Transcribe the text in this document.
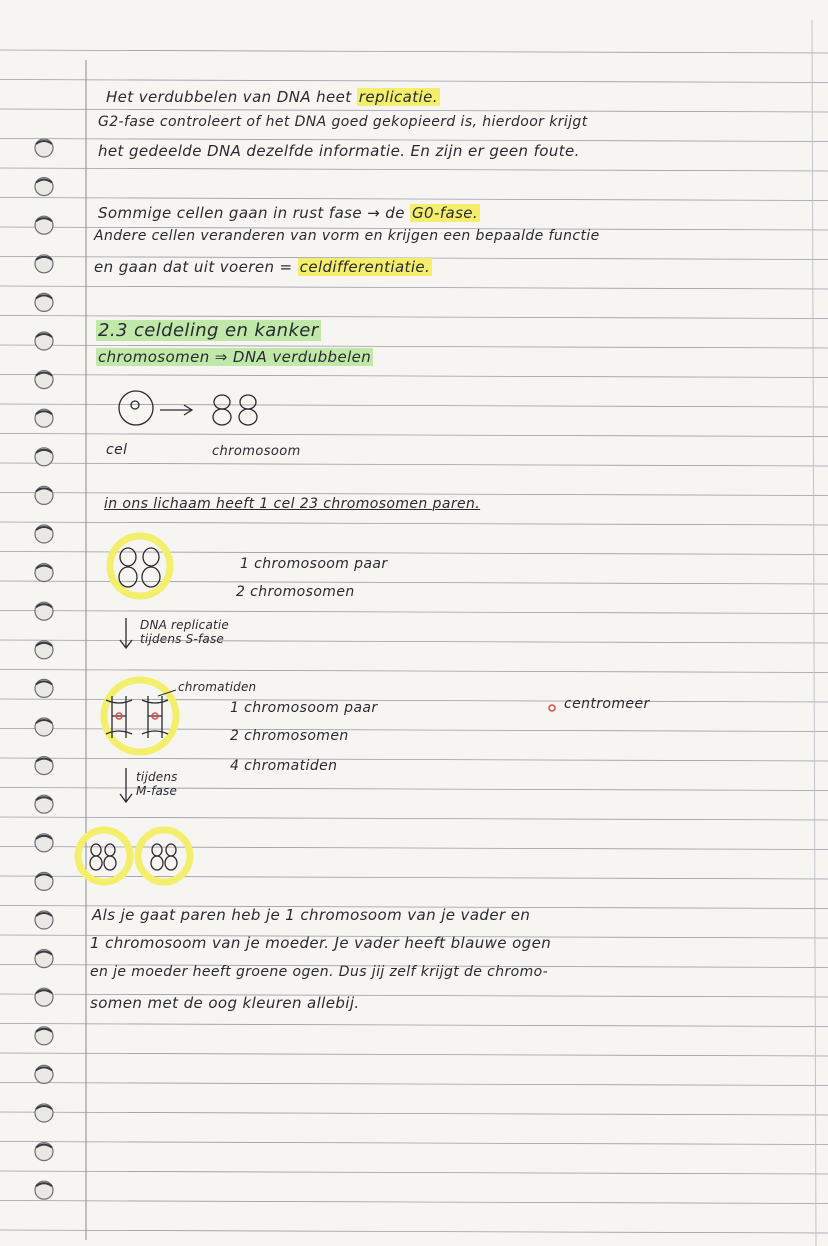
Het verdubbelen van DNA heet replicatie.
G2-fase controleert of het DNA goed gekopieerd is, hierdoor krijgt
het gedeelde DNA dezelfde informatie. En zijn er geen foute.
Sommige cellen gaan in rust fase → de G0-fase.
Andere cellen veranderen van vorm en krijgen een bepaalde functie
en gaan dat uit voeren = celdifferentiatie.
2.3 celdeling en kanker
chromosomen ⇒ DNA verdubbelen
cel	chromosoom
in ons lichaam heeft 1 cel 23 chromosomen paren.
1 chromosoom paar
2 chromosomen
DNA replicatie
tijdens S-fase
chromatiden
1 chromosoom paar
2 chromosomen
4 chromatiden
centromeer
tijdens
M-fase
Als je gaat paren heb je 1 chromosoom van je vader en
1 chromosoom van je moeder. Je vader heeft blauwe ogen
en je moeder heeft groene ogen. Dus jij zelf krijgt de chromo-
somen met de oog kleuren allebij.
